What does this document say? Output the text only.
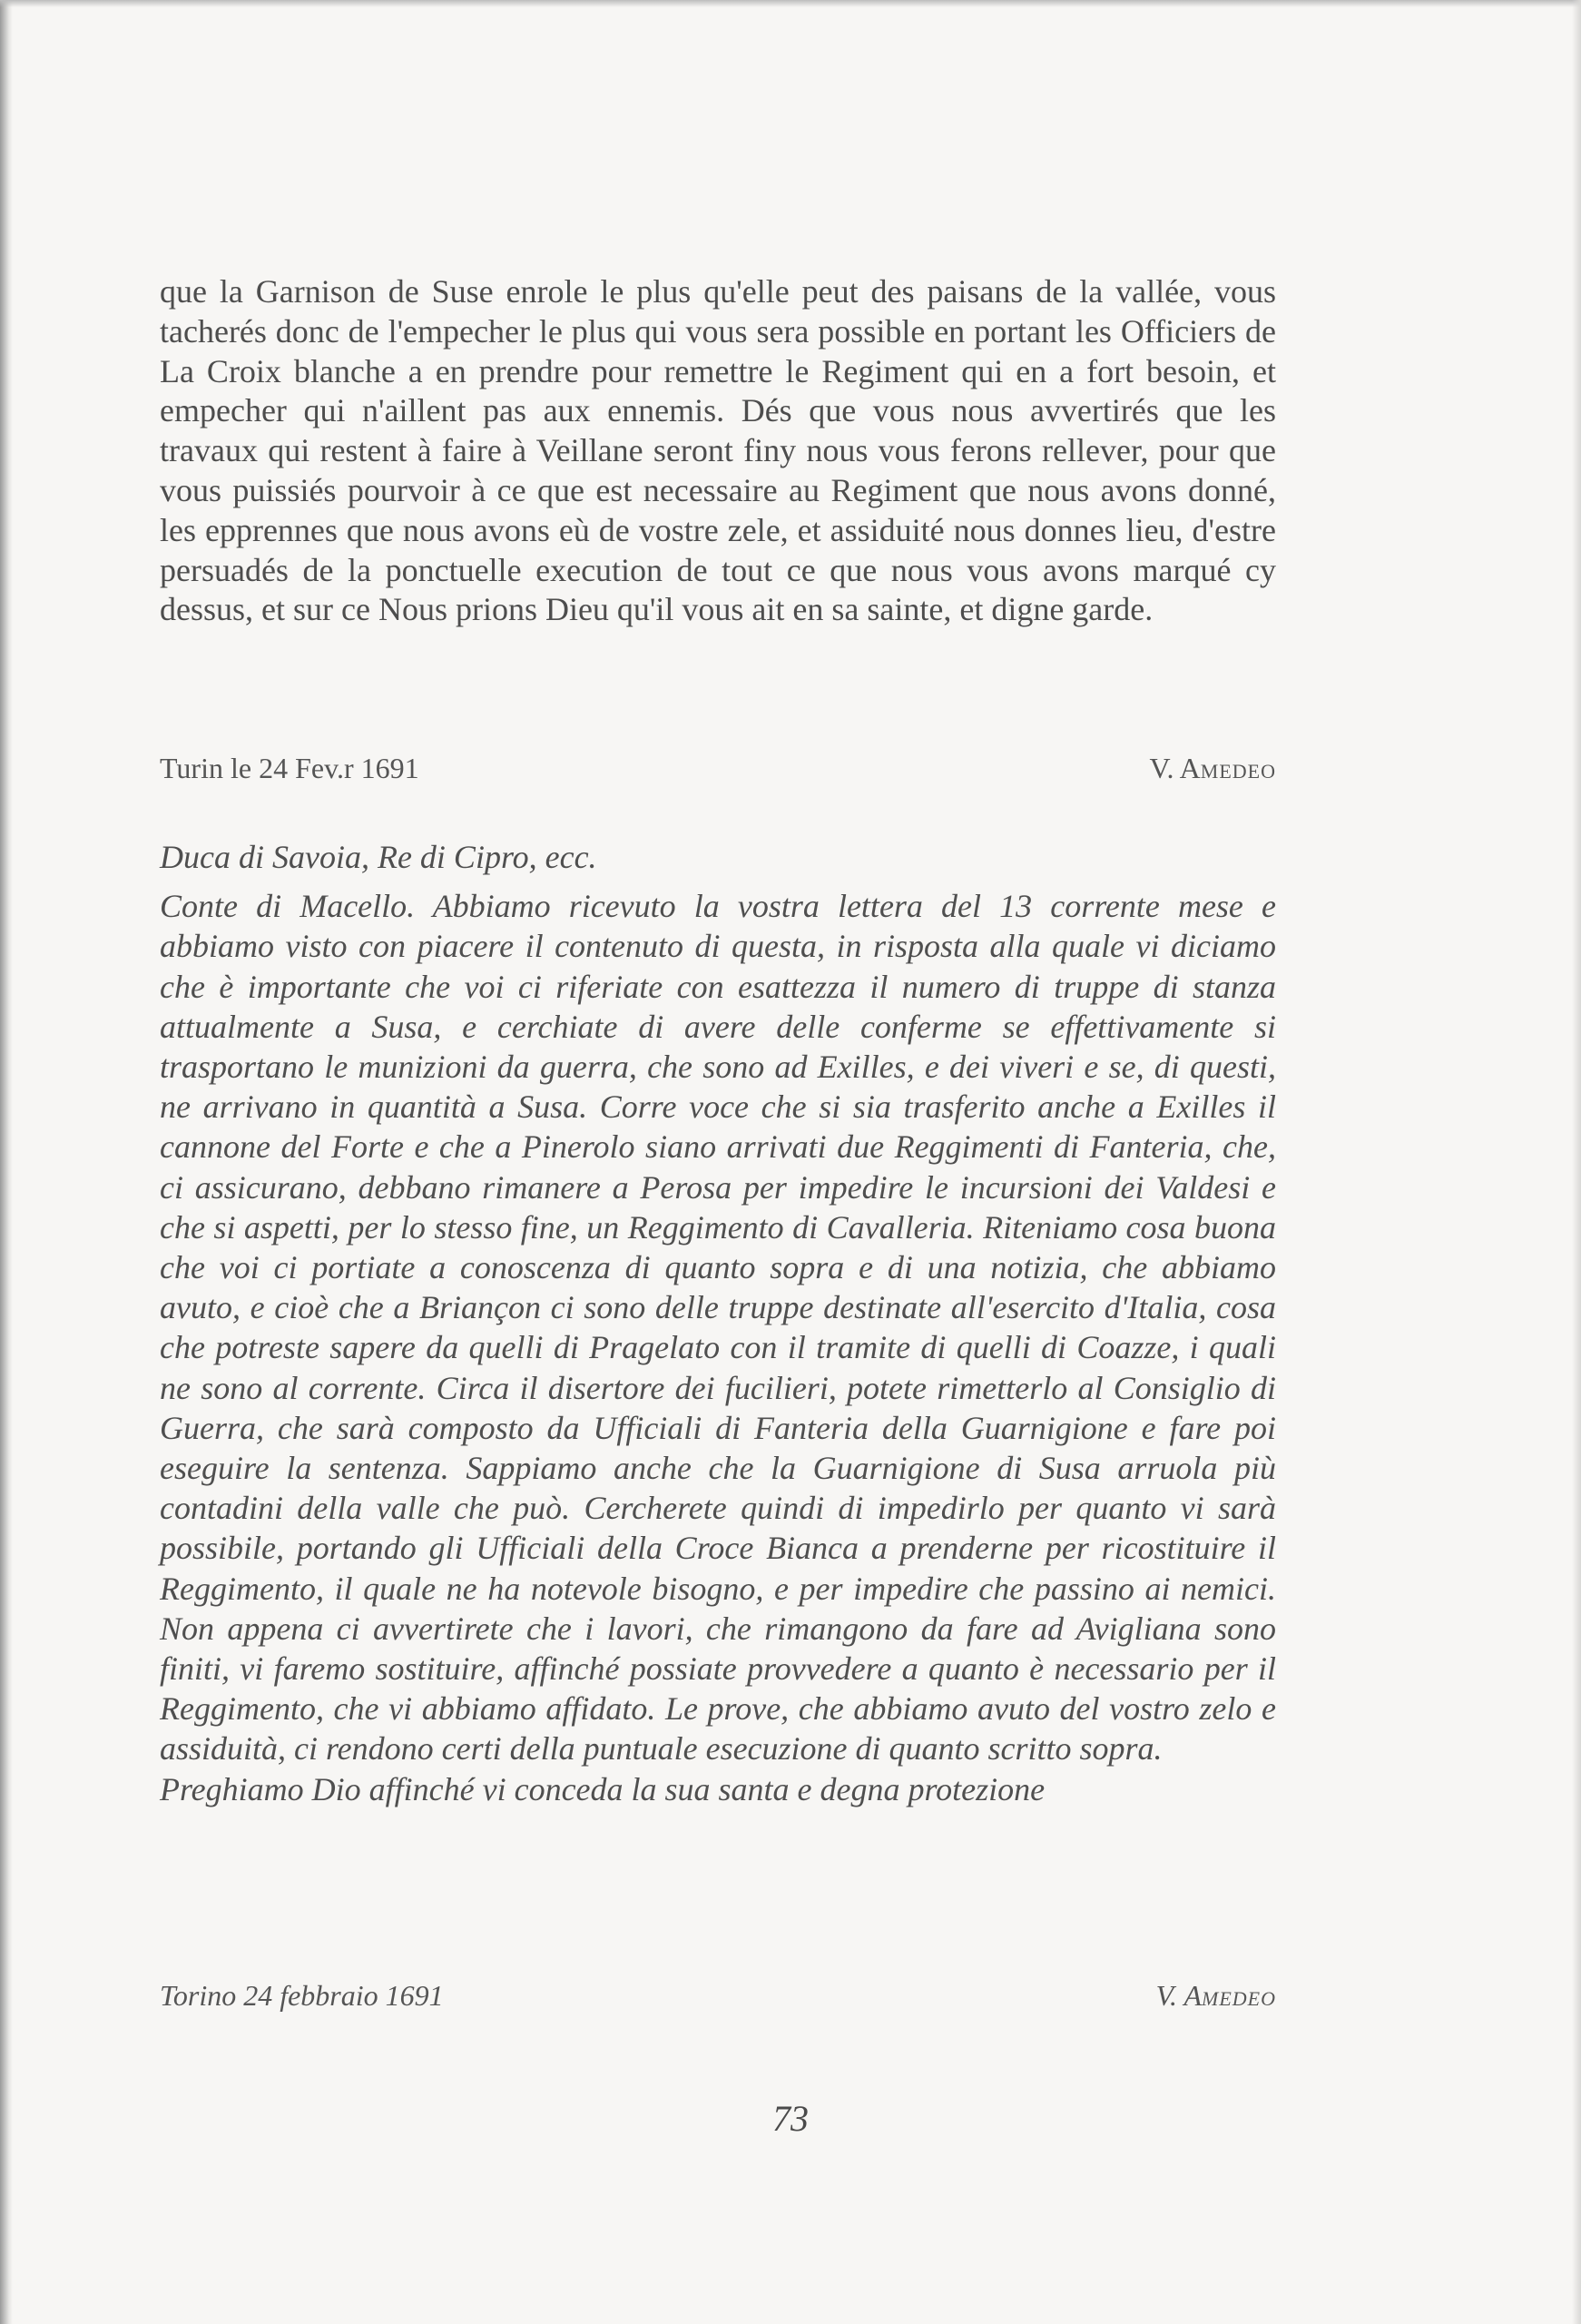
que la Garnison de Suse enrole le plus qu'elle peut des paisans de la vallée, vous tacherés donc de l'empecher le plus qui vous sera possible en portant les Officiers de La Croix blanche a en prendre pour remettre le Regiment qui en a fort besoin, et empecher qui n'aillent pas aux ennemis. Dés que vous nous avvertirés que les travaux qui restent à faire à Veillane seront finy nous vous ferons rellever, pour que vous puissiés pourvoir à ce que est necessaire au Regiment que nous avons donné, les epprennes que nous avons eù de vostre zele, et assiduité nous donnes lieu, d'estre persuadés de la ponctuelle execution de tout ce que nous vous avons marqué cy dessus, et sur ce Nous prions Dieu qu'il vous ait en sa sainte, et digne garde.

Turin le 24 Fev.r 1691	V. Amedeo

Duca di Savoia, Re di Cipro, ecc.

Conte di Macello. Abbiamo ricevuto la vostra lettera del 13 corrente mese e abbiamo visto con piacere il contenuto di questa, in risposta alla quale vi diciamo che è importante che voi ci riferiate con esattezza il numero di truppe di stanza attualmente a Susa, e cerchiate di avere delle conferme se effettivamente si trasportano le munizioni da guerra, che sono ad Exilles, e dei viveri e se, di questi, ne arrivano in quantità a Susa. Corre voce che si sia trasferito anche a Exilles il cannone del Forte e che a Pinerolo siano arrivati due Reggimenti di Fanteria, che, ci assicurano, debbano rimanere a Perosa per impedire le incursioni dei Valdesi e che si aspetti, per lo stesso fine, un Reggimento di Cavalleria. Riteniamo cosa buona che voi ci portiate a conoscenza di quanto sopra e di una notizia, che abbiamo avuto, e cioè che a Briançon ci sono delle truppe destinate all'esercito d'Italia, cosa che potreste sapere da quelli di Pragelato con il tramite di quelli di Coazze, i quali ne sono al corrente. Circa il disertore dei fucilieri, potete rimetterlo al Consiglio di Guerra, che sarà composto da Ufficiali di Fanteria della Guarnigione e fare poi eseguire la sentenza. Sappiamo anche che la Guarnigione di Susa arruola più contadini della valle che può. Cercherete quindi di impedirlo per quanto vi sarà possibile, portando gli Ufficiali della Croce Bianca a prenderne per ricostituire il Reggimento, il quale ne ha notevole bisogno, e per impedire che passino ai nemici. Non appena ci avvertirete che i lavori, che rimangono da fare ad Avigliana sono finiti, vi faremo sostituire, affinché possiate provvedere a quanto è necessario per il Reggimento, che vi abbiamo affidato. Le prove, che abbiamo avuto del vostro zelo e assiduità, ci rendono certi della puntuale esecuzione di quanto scritto sopra.

Preghiamo Dio affinché vi conceda la sua santa e degna protezione

Torino 24 febbraio 1691	V. Amedeo
73
